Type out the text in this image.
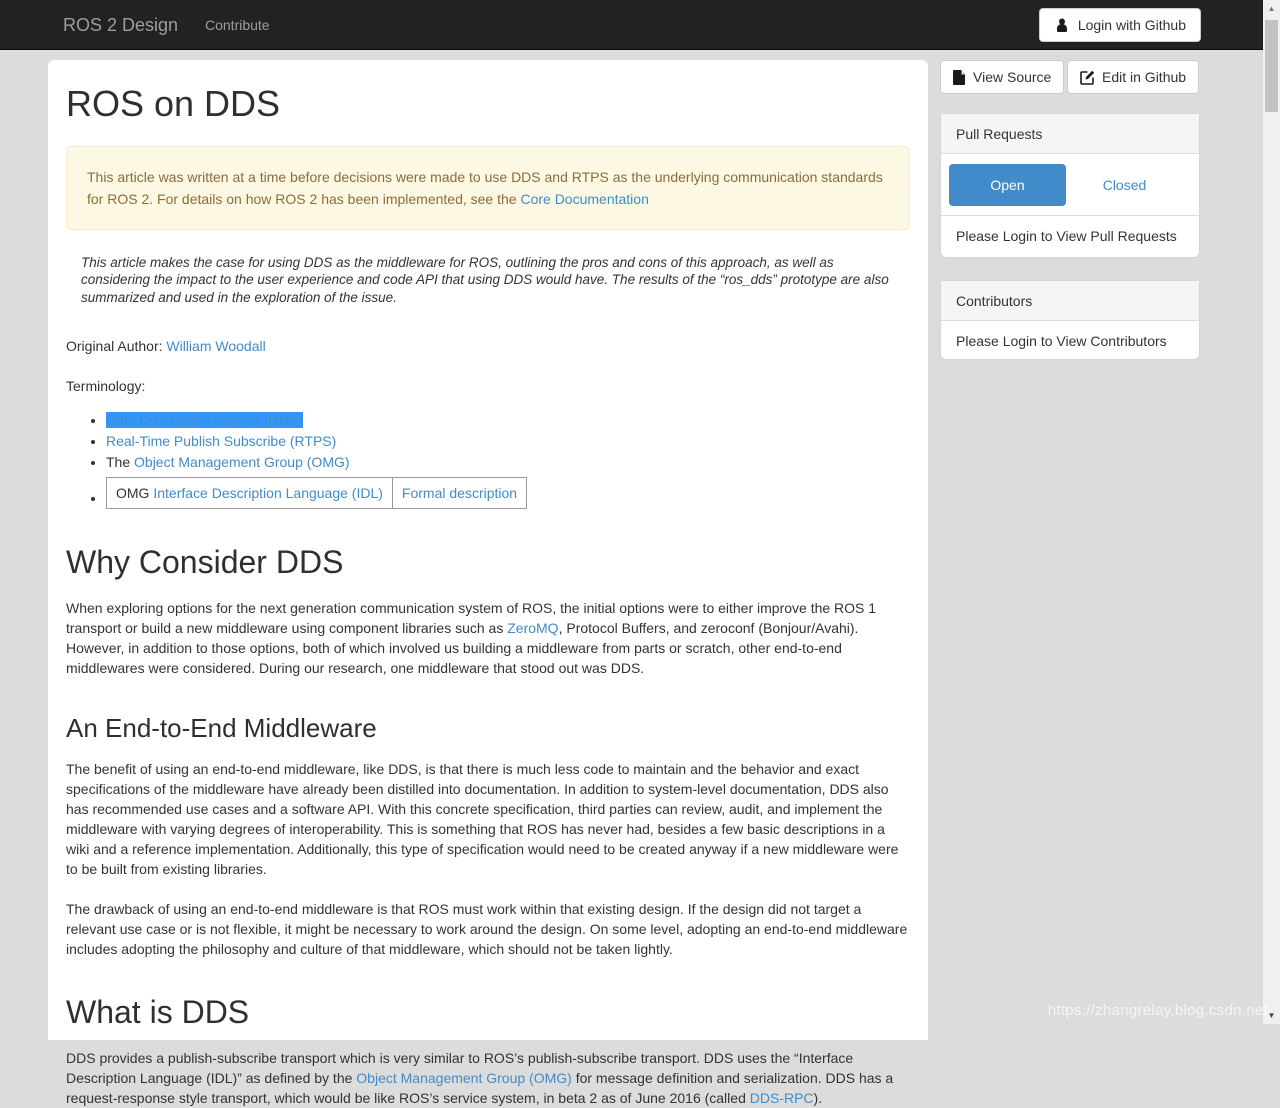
ROS 2 Design Contribute	Login with Github
ROS on DDS
This article was written at a time before decisions were made to use DDS and RTPS as the underlying communication standards for ROS 2. For details on how ROS 2 has been implemented, see the Core Documentation
This article makes the case for using DDS as the middleware for ROS, outlining the pros and cons of this approach, as well as considering the impact to the user experience and code API that using DDS would have. The results of the “ros_dds” prototype are also summarized and used in the exploration of the issue.

Original Author: William Woodall

Terminology:

• Data Distribution Service (DDS)
• Real-Time Publish Subscribe (RTPS)
• The Object Management Group (OMG)
• OMG Interface Description Language (IDL)	Formal description
Why Consider DDS

When exploring options for the next generation communication system of ROS, the initial options were to either improve the ROS 1 transport or build a new middleware using component libraries such as ZeroMQ, Protocol Buffers, and zeroconf (Bonjour/Avahi). However, in addition to those options, both of which involved us building a middleware from parts or scratch, other end-to-end middlewares were considered. During our research, one middleware that stood out was DDS.

An End-to-End Middleware

The benefit of using an end-to-end middleware, like DDS, is that there is much less code to maintain and the behavior and exact specifications of the middleware have already been distilled into documentation. In addition to system-level documentation, DDS also has recommended use cases and a software API. With this concrete specification, third parties can review, audit, and implement the middleware with varying degrees of interoperability. This is something that ROS has never had, besides a few basic descriptions in a wiki and a reference implementation. Additionally, this type of specification would need to be created anyway if a new middleware were to be built from existing libraries.

The drawback of using an end-to-end middleware is that ROS must work within that existing design. If the design did not target a relevant use case or is not flexible, it might be necessary to work around the design. On some level, adopting an end-to-end middleware includes adopting the philosophy and culture of that middleware, which should not be taken lightly.

What is DDS

DDS provides a publish-subscribe transport which is very similar to ROS’s publish-subscribe transport. DDS uses the “Interface Description Language (IDL)” as defined by the Object Management Group (OMG) for message definition and serialization. DDS has a request-response style transport, which would be like ROS’s service system, in beta 2 as of June 2016 (called DDS-RPC).

View Source	Edit in Github
Pull Requests
Open	Closed
Please Login to View Pull Requests
Contributors
Please Login to View Contributors
▲
▼
https://zhangrelay.blog.csdn.net
